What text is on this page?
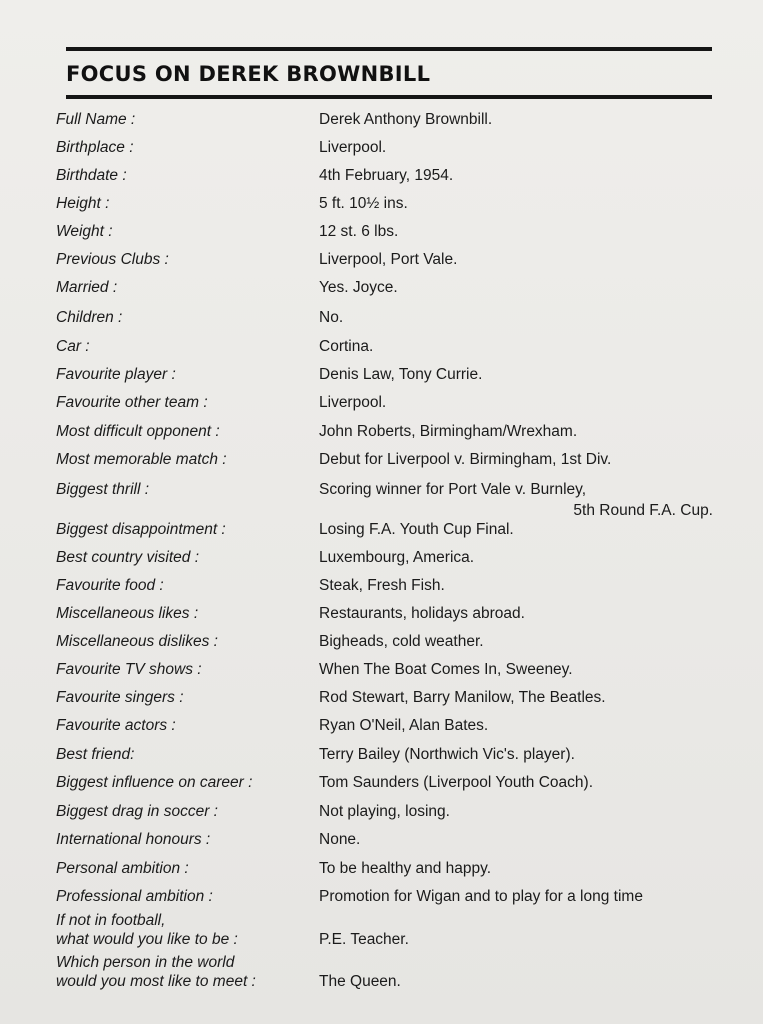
FOCUS ON DEREK BROWNBILL
Full Name :	Derek Anthony Brownbill.
Birthplace :	Liverpool.
Birthdate :	4th February, 1954.
Height :	5 ft. 10½ ins.
Weight :	12 st. 6 lbs.
Previous Clubs :	Liverpool, Port Vale.
Married :	Yes. Joyce.
Children :	No.
Car :	Cortina.
Favourite player :	Denis Law, Tony Currie.
Favourite other team :	Liverpool.
Most difficult opponent :	John Roberts, Birmingham/Wrexham.
Most memorable match :	Debut for Liverpool v. Birmingham, 1st Div.
Biggest thrill :	Scoring winner for Port Vale v. Burnley,
5th Round F.A. Cup.
Biggest disappointment :	Losing F.A. Youth Cup Final.
Best country visited :	Luxembourg, America.
Favourite food :	Steak, Fresh Fish.
Miscellaneous likes :	Restaurants, holidays abroad.
Miscellaneous dislikes :	Bigheads, cold weather.
Favourite TV shows :	When The Boat Comes In, Sweeney.
Favourite singers :	Rod Stewart, Barry Manilow, The Beatles.
Favourite actors :	Ryan O'Neil, Alan Bates.
Best friend:	Terry Bailey (Northwich Vic's. player).
Biggest influence on career :	Tom Saunders (Liverpool Youth Coach).
Biggest drag in soccer :	Not playing, losing.
International honours :	None.
Personal ambition :	To be healthy and happy.
Professional ambition :	Promotion for Wigan and to play for a long time
If not in football,
what would you like to be :	P.E. Teacher.
Which person in the world
would you most like to meet :	The Queen.
